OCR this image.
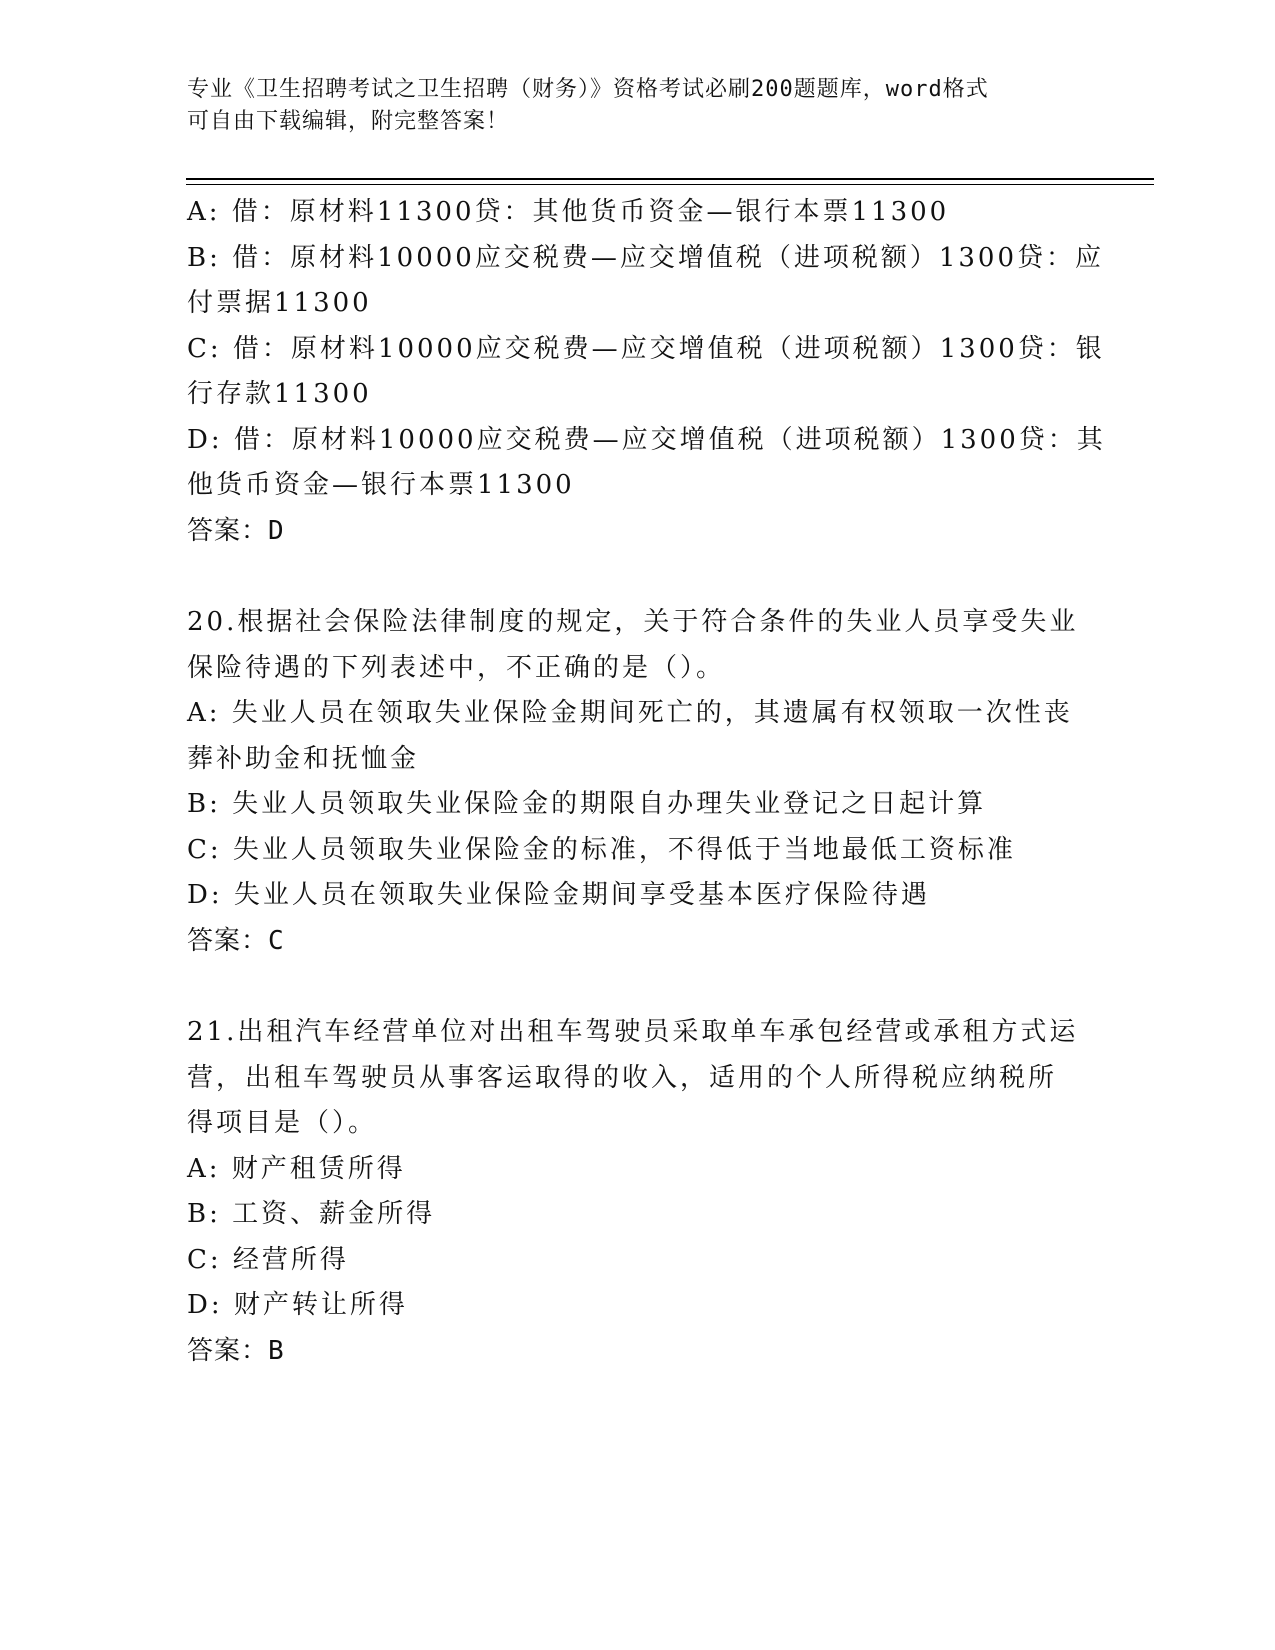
专业《卫生招聘考试之卫生招聘（财务）》资格考试必刷200题题库，word格式
可自由下载编辑，附完整答案！
A: 借：原材料11300贷：其他货币资金—银行本票11300
B: 借：原材料10000应交税费—应交增值税（进项税额）1300贷：应
付票据11300
C: 借：原材料10000应交税费—应交增值税（进项税额）1300贷：银
行存款11300
D: 借：原材料10000应交税费—应交增值税（进项税额）1300贷：其
他货币资金—银行本票11300
答案：D
20.根据社会保险法律制度的规定，关于符合条件的失业人员享受失业
保险待遇的下列表述中，不正确的是（）。
A: 失业人员在领取失业保险金期间死亡的，其遗属有权领取一次性丧
葬补助金和抚恤金
B: 失业人员领取失业保险金的期限自办理失业登记之日起计算
C: 失业人员领取失业保险金的标准，不得低于当地最低工资标准
D: 失业人员在领取失业保险金期间享受基本医疗保险待遇
答案：C
21.出租汽车经营单位对出租车驾驶员采取单车承包经营或承租方式运
营，出租车驾驶员从事客运取得的收入，适用的个人所得税应纳税所
得项目是（）。
A: 财产租赁所得
B: 工资、薪金所得
C: 经营所得
D: 财产转让所得
答案：B
